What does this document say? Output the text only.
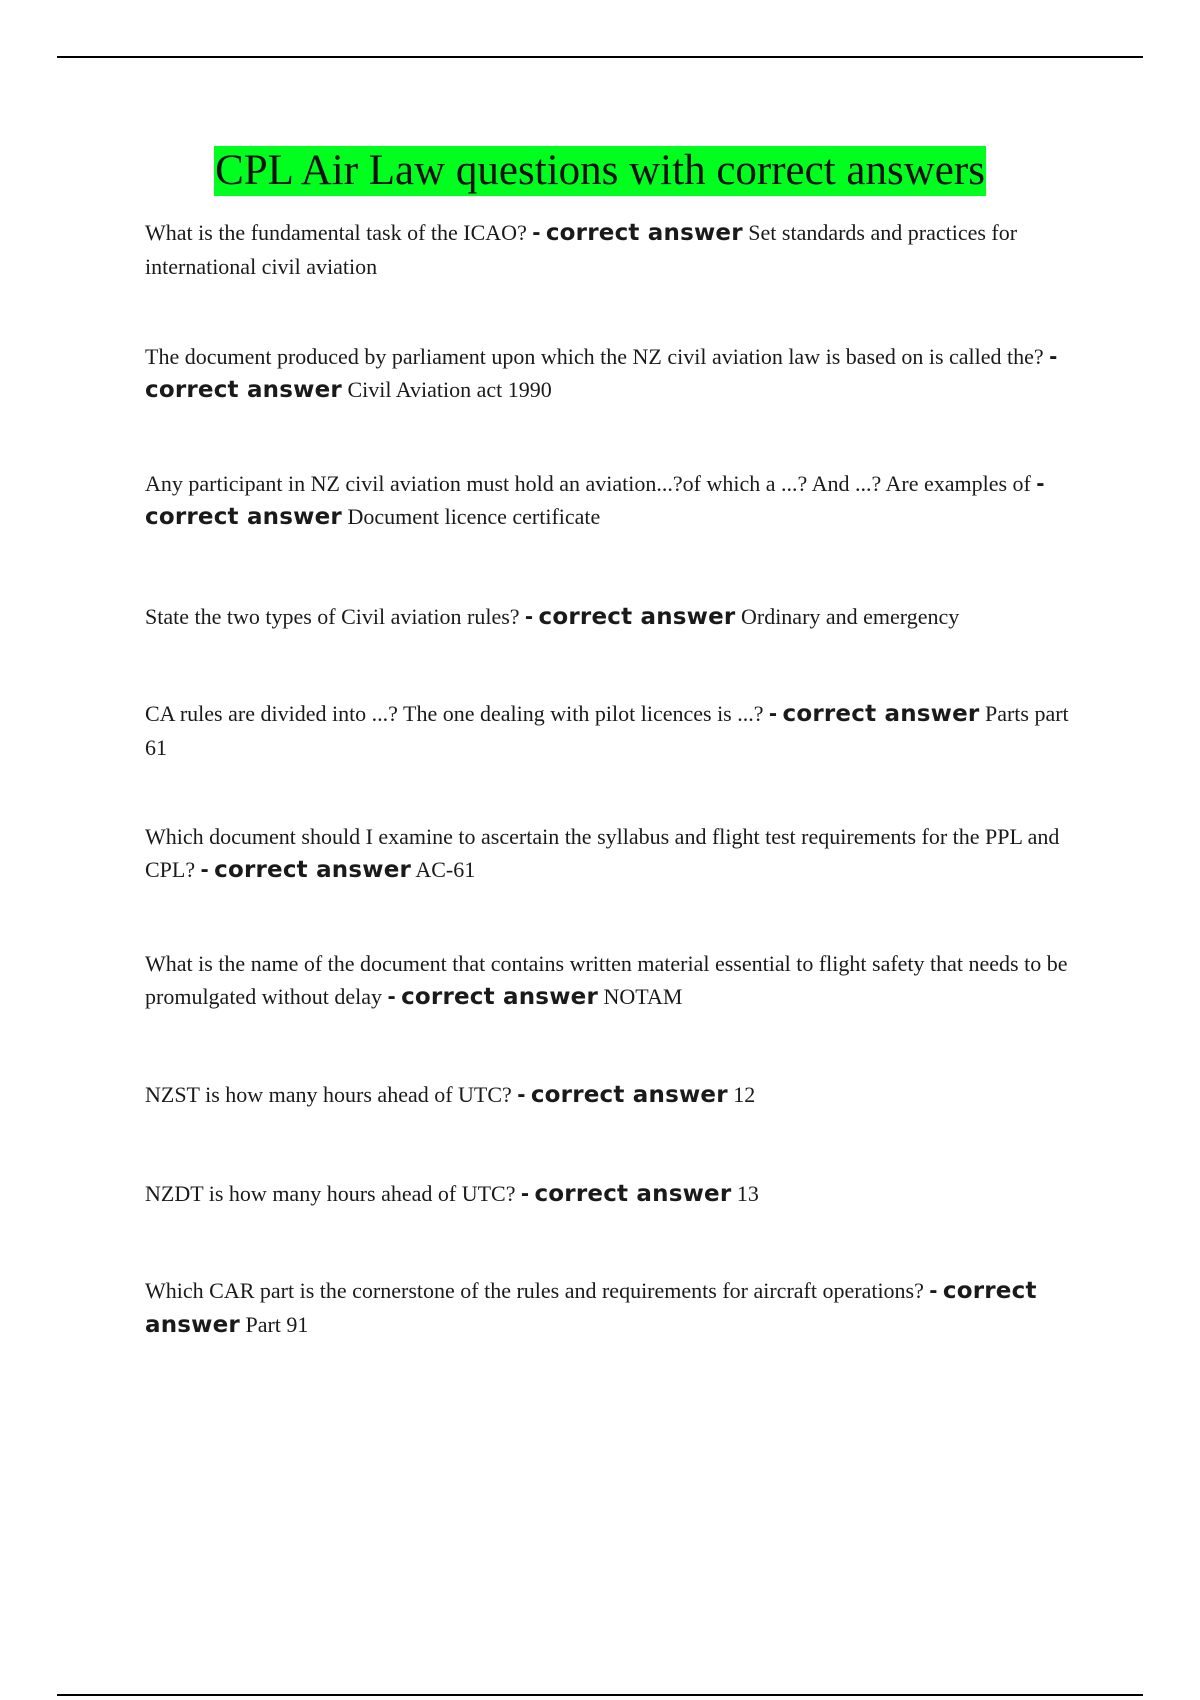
CPL Air Law questions with correct answers
What is the fundamental task of the ICAO? - correct answer Set standards and practices for international civil aviation
The document produced by parliament upon which the NZ civil aviation law is based on is called the? - correct answer Civil Aviation act 1990
Any participant in NZ civil aviation must hold an aviation...?of which a ...? And ...? Are examples of - correct answer Document licence certificate
State the two types of Civil aviation rules? - correct answer Ordinary and emergency
CA rules are divided into ...? The one dealing with pilot licences is ...? - correct answer Parts part 61
Which document should I examine to ascertain the syllabus and flight test requirements for the PPL and CPL? - correct answer AC-61
What is the name of the document that contains written material essential to flight safety that needs to be promulgated without delay - correct answer NOTAM
NZST is how many hours ahead of UTC? - correct answer 12
NZDT is how many hours ahead of UTC? - correct answer 13
Which CAR part is the cornerstone of the rules and requirements for aircraft operations? - correct answer Part 91
